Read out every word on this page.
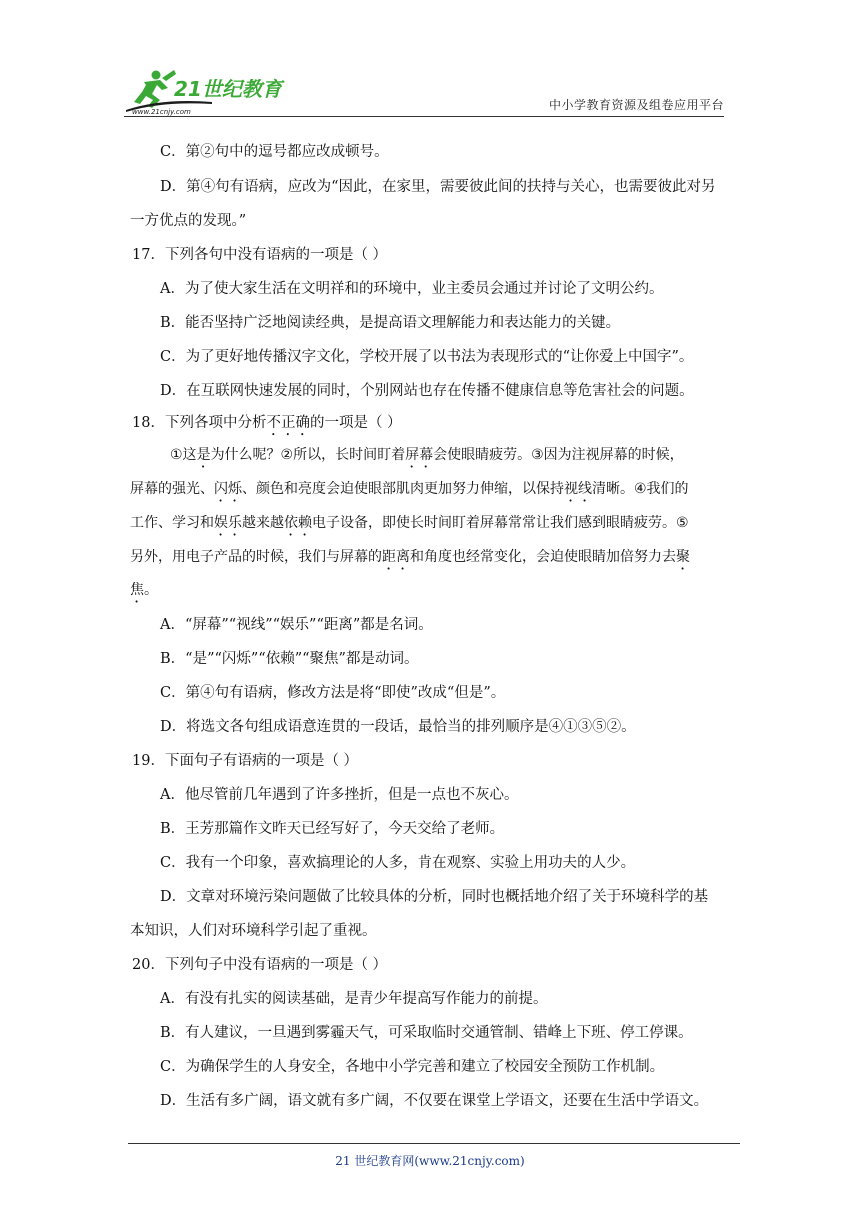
21世纪教育
www.21cnjy.com	中小学教育资源及组卷应用平台
C．第②句中的逗号都应改成顿号。
D．第④句有语病，应改为“因此，在家里，需要彼此间的扶持与关心，也需要彼此对另
一方优点的发现。”
17．下列各句中没有语病的一项是（ ）
A．为了使大家生活在文明祥和的环境中，业主委员会通过并讨论了文明公约。
B．能否坚持广泛地阅读经典，是提高语文理解能力和表达能力的关键。
C．为了更好地传播汉字文化，学校开展了以书法为表现形式的“让你爱上中国字”。
D．在互联网快速发展的同时，个别网站也存在传播不健康信息等危害社会的问题。
18．下列各项中分析不正确的一项是（ ）
①这是为什么呢？②所以，长时间盯着屏幕会使眼睛疲劳。③因为注视屏幕的时候，
屏幕的强光、闪烁、颜色和亮度会迫使眼部肌肉更加努力伸缩，以保持视线清晰。④我们的
工作、学习和娱乐越来越依赖电子设备，即使长时间盯着屏幕常常让我们感到眼睛疲劳。⑤
另外，用电子产品的时候，我们与屏幕的距离和角度也经常变化，会迫使眼睛加倍努力去聚
焦。
A．“屏幕”“视线”“娱乐”“距离”都是名词。
B．“是”“闪烁”“依赖”“聚焦”都是动词。
C．第④句有语病，修改方法是将“即使”改成“但是”。
D．将选文各句组成语意连贯的一段话，最恰当的排列顺序是④①③⑤②。
19．下面句子有语病的一项是（ ）
A．他尽管前几年遇到了许多挫折，但是一点也不灰心。
B．王芳那篇作文昨天已经写好了，今天交给了老师。
C．我有一个印象，喜欢搞理论的人多，肯在观察、实验上用功夫的人少。
D．文章对环境污染问题做了比较具体的分析，同时也概括地介绍了关于环境科学的基
本知识，人们对环境科学引起了重视。
20．下列句子中没有语病的一项是（ ）
A．有没有扎实的阅读基础，是青少年提高写作能力的前提。
B．有人建议，一旦遇到雾霾天气，可采取临时交通管制、错峰上下班、停工停课。
C．为确保学生的人身安全，各地中小学完善和建立了校园安全预防工作机制。
D．生活有多广阔，语文就有多广阔，不仅要在课堂上学语文，还要在生活中学语文。
21 世纪教育网(www.21cnjy.com)
